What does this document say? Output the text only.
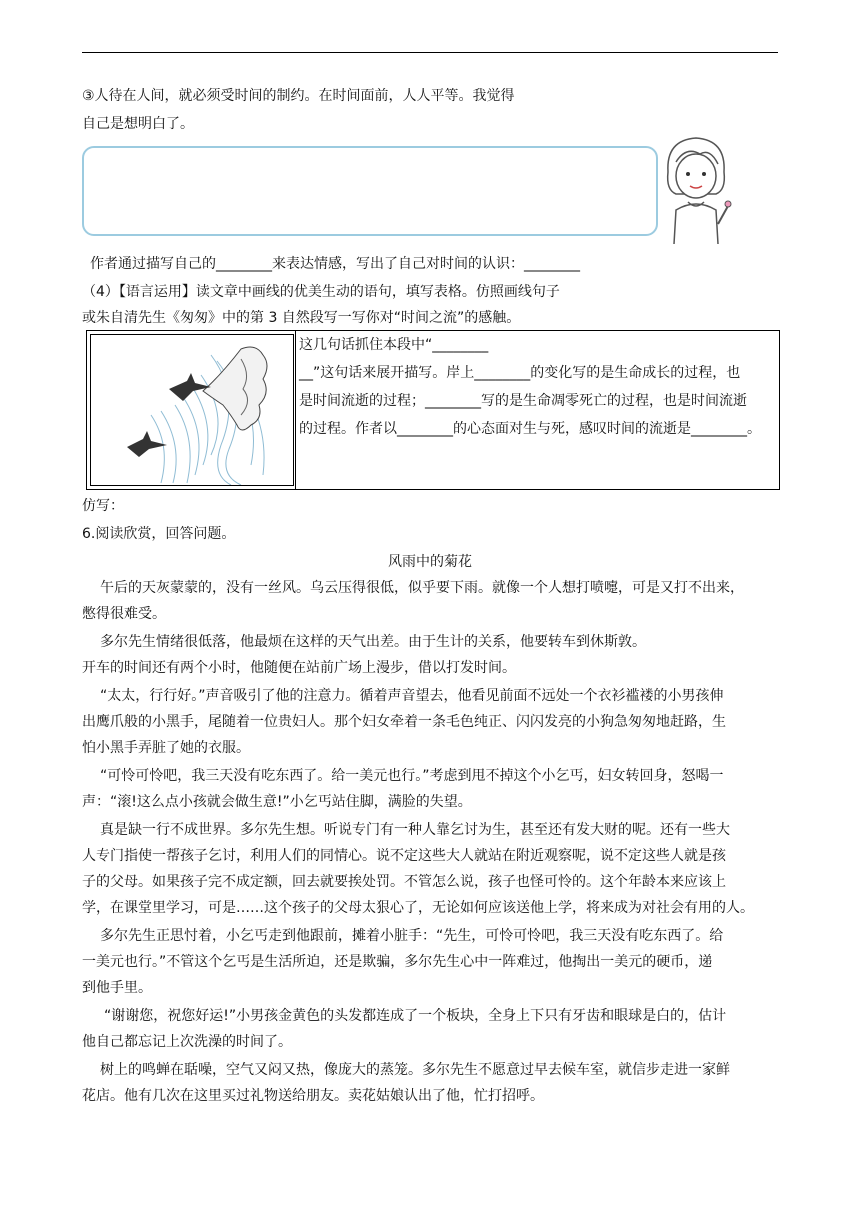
③人待在人间，就必须受时间的制约。在时间面前，人人平等。我觉得
自己是想明白了。
作者通过描写自己的________来表达情感，写出了自己对时间的认识：________
（4）【语言运用】读文章中画线的优美生动的语句，填写表格。仿照画线句子
或朱自清先生《匆匆》中的第 3 自然段写一写你对“时间之流”的感触。
这几句话抓住本段中“________
__”这句话来展开描写。岸上________的变化写的是生命成长的过程，也
是时间流逝的过程；________写的是生命凋零死亡的过程，也是时间流逝
的过程。作者以________的心态面对生与死，感叹时间的流逝是________。
仿写：
6.阅读欣赏，回答问题。
风雨中的菊花
午后的天灰蒙蒙的，没有一丝风。乌云压得很低，似乎要下雨。就像一个人想打喷嚏，可是又打不出来，
憋得很难受。
多尔先生情绪很低落，他最烦在这样的天气出差。由于生计的关系，他要转车到休斯敦。
开车的时间还有两个小时，他随便在站前广场上漫步，借以打发时间。
“太太，行行好。”声音吸引了他的注意力。循着声音望去，他看见前面不远处一个衣衫褴褛的小男孩伸
出鹰爪般的小黑手，尾随着一位贵妇人。那个妇女牵着一条毛色纯正、闪闪发亮的小狗急匆匆地赶路，生
怕小黑手弄脏了她的衣服。
“可怜可怜吧，我三天没有吃东西了。给一美元也行。”考虑到甩不掉这个小乞丐，妇女转回身，怒喝一
声：“滚!这么点小孩就会做生意!”小乞丐站住脚，满脸的失望。
真是缺一行不成世界。多尔先生想。听说专门有一种人靠乞讨为生，甚至还有发大财的呢。还有一些大
人专门指使一帮孩子乞讨，利用人们的同情心。说不定这些大人就站在附近观察呢，说不定这些人就是孩
子的父母。如果孩子完不成定额，回去就要挨处罚。不管怎么说，孩子也怪可怜的。这个年龄本来应该上
学，在课堂里学习，可是……这个孩子的父母太狠心了，无论如何应该送他上学，将来成为对社会有用的人。
多尔先生正思忖着，小乞丐走到他跟前，摊着小脏手：“先生，可怜可怜吧，我三天没有吃东西了。给
一美元也行。”不管这个乞丐是生活所迫，还是欺骗，多尔先生心中一阵难过，他掏出一美元的硬币，递
到他手里。
“谢谢您，祝您好运!”小男孩金黄色的头发都连成了一个板块，全身上下只有牙齿和眼球是白的，估计
他自己都忘记上次洗澡的时间了。
树上的鸣蝉在聒噪，空气又闷又热，像庞大的蒸笼。多尔先生不愿意过早去候车室，就信步走进一家鲜
花店。他有几次在这里买过礼物送给朋友。卖花姑娘认出了他，忙打招呼。
